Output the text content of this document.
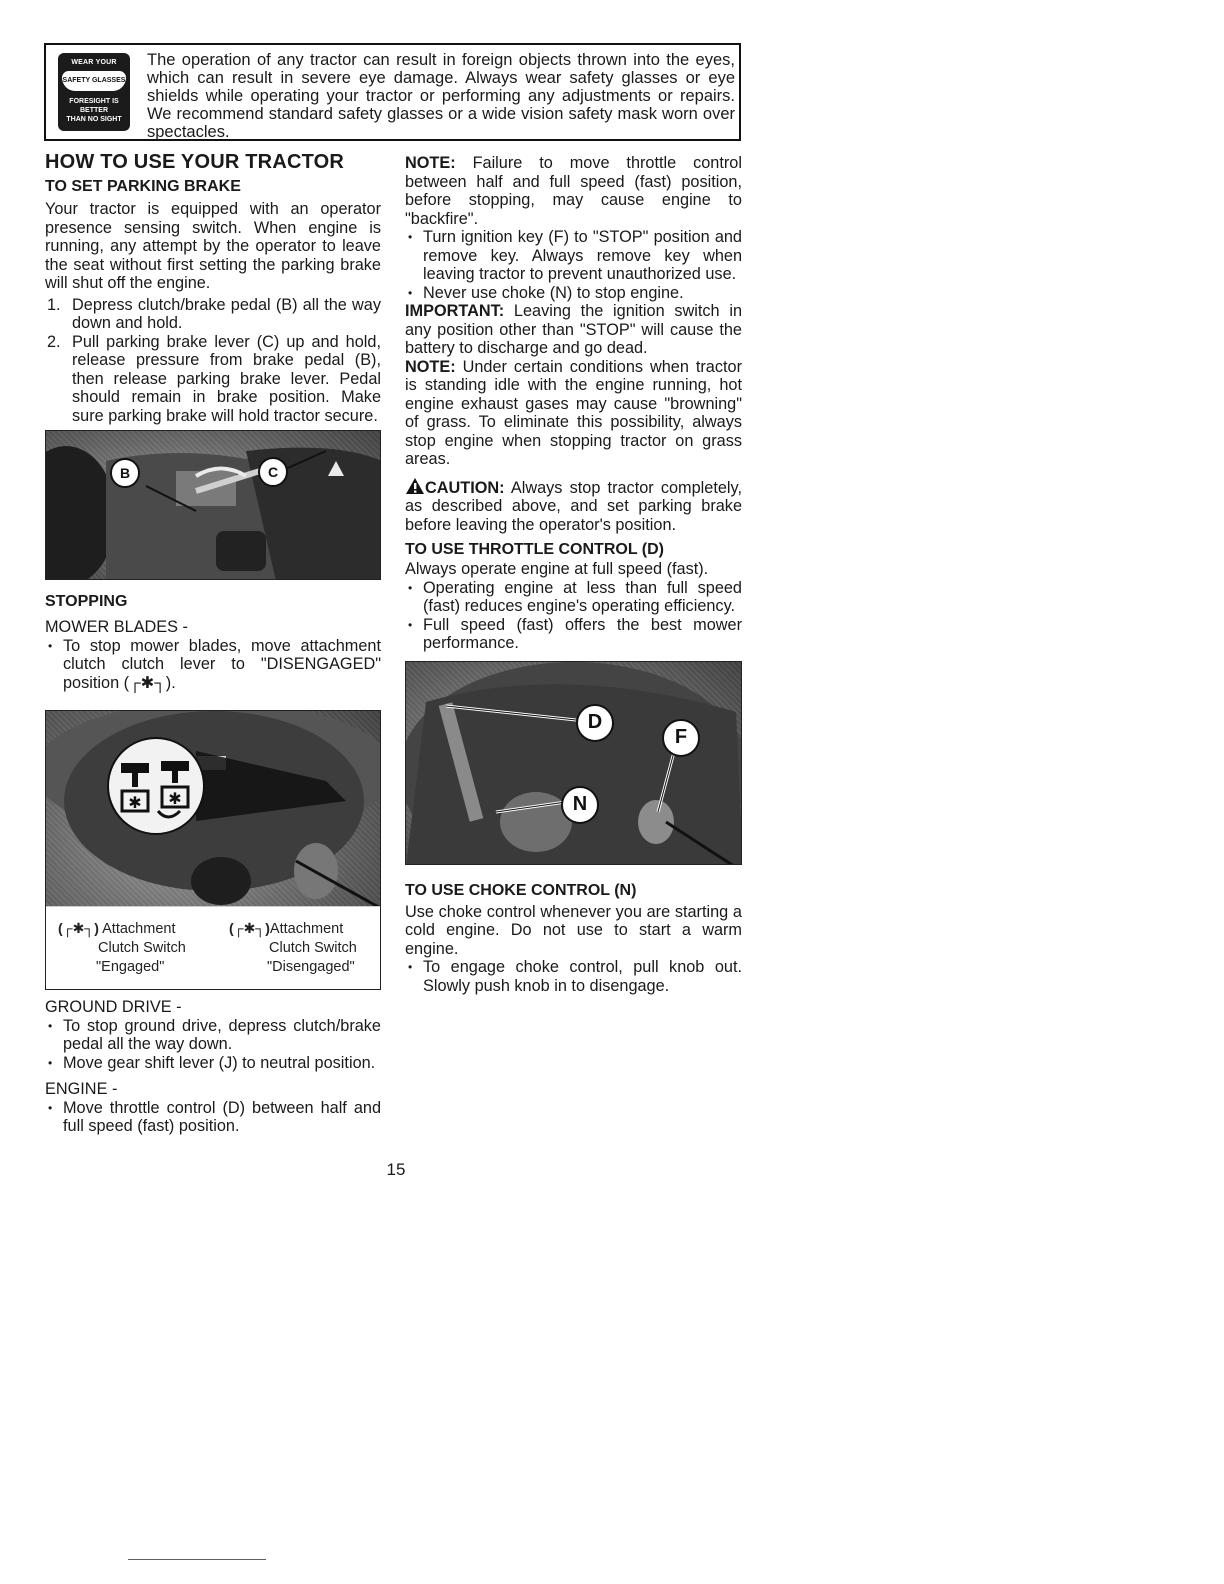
WEAR YOUR
SAFETY GLASSES
FORESIGHT IS BETTER
THAN NO SIGHT
The operation of any tractor can result in foreign objects thrown into the eyes, which can result in severe eye damage. Always wear safety glasses or eye shields while operating your tractor or performing any adjustments or repairs. We recommend standard safety glasses or a wide vision safety mask worn over spectacles.
HOW TO USE YOUR TRACTOR
TO SET PARKING BRAKE

Your tractor is equipped with an operator presence sensing switch. When engine is running, any attempt by the operator to leave the seat without first setting the parking brake will shut off the engine.

1. Depress clutch/brake pedal (B) all the way down and hold.
2. Pull parking brake lever (C) up and hold, release pressure from brake pedal (B), then release parking brake lever. Pedal should remain in brake position. Make sure parking brake will hold tractor secure.
B	C
STOPPING

MOWER BLADES -

• To stop mower blades, move attachment clutch clutch lever to "DISENGAGED" position (┌✱┐).
✱ ✱
(┌✱┐) Attachment
Clutch Switch
"Engaged"
(┌✱┐)Attachment
Clutch Switch
"Disengaged"

GROUND DRIVE -

• To stop ground drive, depress clutch/brake pedal all the way down.
• Move gear shift lever (J) to neutral position.

ENGINE -

• Move throttle control (D) between half and full speed (fast) position.

NOTE: Failure to move throttle control between half and full speed (fast) position, before stopping, may cause engine to "backfire".

• Turn ignition key (F) to "STOP" position and remove key. Always remove key when leaving tractor to prevent unauthorized use.
• Never use choke (N) to stop engine.

IMPORTANT: Leaving the ignition switch in any position other than "STOP" will cause the battery to discharge and go dead.

NOTE: Under certain conditions when tractor is standing idle with the engine running, hot engine exhaust gases may cause "browning" of grass. To eliminate this possibility, always stop engine when stopping tractor on grass areas.

CAUTION: Always stop tractor completely, as described above, and set parking brake before leaving the operator's position.

TO USE THROTTLE CONTROL (D)

Always operate engine at full speed (fast).

• Operating engine at less than full speed (fast) reduces engine's operating efficiency.
• Full speed (fast) offers the best mower performance.
D
F
N
TO USE CHOKE CONTROL (N)

Use choke control whenever you are starting a cold engine. Do not use to start a warm engine.

• To engage choke control, pull knob out. Slowly push knob in to disengage.
15
